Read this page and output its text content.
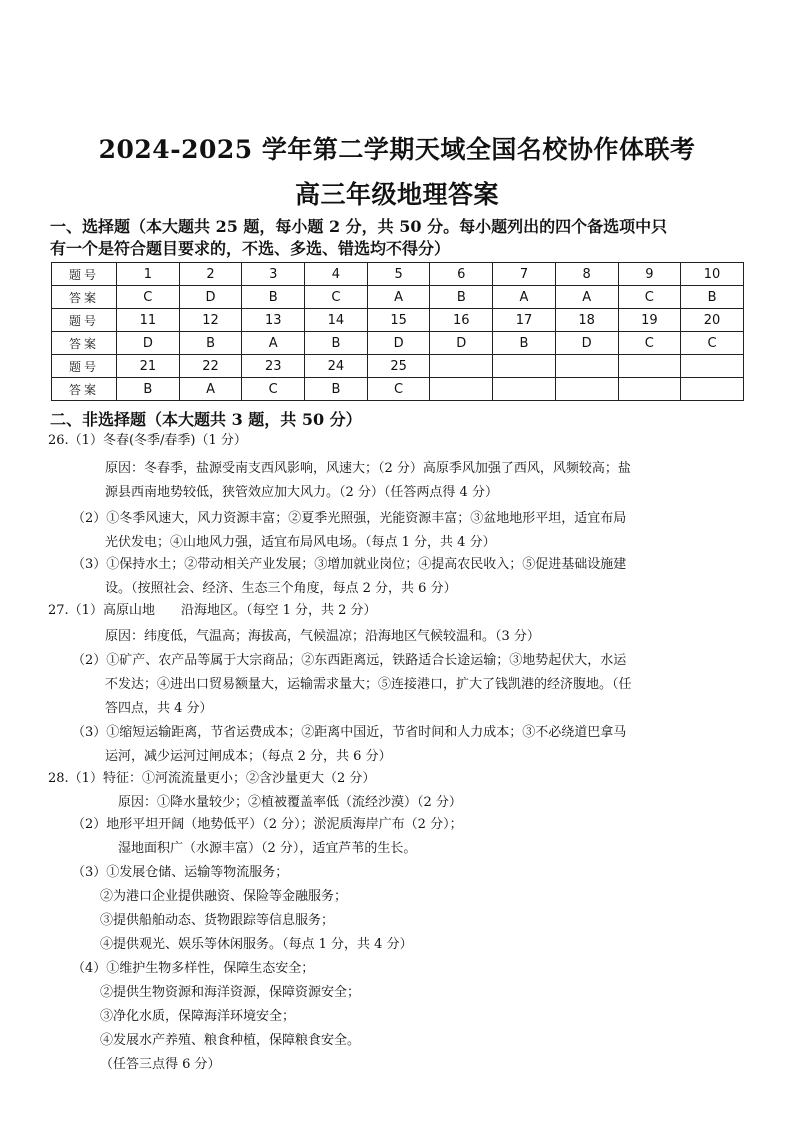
2024-2025 学年第二学期天域全国名校协作体联考
高三年级地理答案
一、选择题（本大题共 25 题，每小题 2 分，共 50 分。每小题列出的四个备选项中只
有一个是符合题目要求的，不选、多选、错选均不得分）
题号	1	2	3	4	5	6	7	8	9	10
答案	C	D	B	C	A	B	A	A	C	B
题号	11	12	13	14	15	16	17	18	19	20
答案	D	B	A	B	D	D	B	D	C	C
题号	21	22	23	24	25					
答案	B	A	C	B	C					
二、非选择题（本大题共 3 题，共 50 分）
26.（1）冬春(冬季/春季)（1 分）
原因：冬春季，盐源受南支西风影响，风速大；（2 分）高原季风加强了西风，风频较高；盐
源县西南地势较低，狭管效应加大风力。（2 分）（任答两点得 4 分）
（2）①冬季风速大，风力资源丰富；②夏季光照强，光能资源丰富；③盆地地形平坦，适宜布局
光伏发电；④山地风力强，适宜布局风电场。（每点 1 分，共 4 分）
（3）①保持水土；②带动相关产业发展；③增加就业岗位；④提高农民收入；⑤促进基础设施建
设。（按照社会、经济、生态三个角度，每点 2 分，共 6 分）
27.（1）高原山地　　沿海地区。（每空 1 分，共 2 分）
原因：纬度低，气温高；海拔高，气候温凉；沿海地区气候较温和。（3 分）
（2）①矿产、农产品等属于大宗商品；②东西距离远，铁路适合长途运输；③地势起伏大，水运
不发达；④进出口贸易额量大，运输需求量大；⑤连接港口，扩大了钱凯港的经济腹地。（任
答四点，共 4 分）
（3）①缩短运输距离，节省运费成本；②距离中国近，节省时间和人力成本；③不必绕道巴拿马
运河，减少运河过闸成本；（每点 2 分，共 6 分）
28.（1）特征：①河流流量更小；②含沙量更大（2 分）
原因：①降水量较少；②植被覆盖率低（流经沙漠）（2 分）
（2）地形平坦开阔（地势低平）（2 分）；淤泥质海岸广布（2 分）；
湿地面积广（水源丰富）（2 分），适宜芦苇的生长。
（3）①发展仓储、运输等物流服务；
②为港口企业提供融资、保险等金融服务；
③提供船舶动态、货物跟踪等信息服务；
④提供观光、娱乐等休闲服务。（每点 1 分，共 4 分）
（4）①维护生物多样性，保障生态安全；
②提供生物资源和海洋资源，保障资源安全；
③净化水质，保障海洋环境安全；
④发展水产养殖、粮食种植，保障粮食安全。
（任答三点得 6 分）
